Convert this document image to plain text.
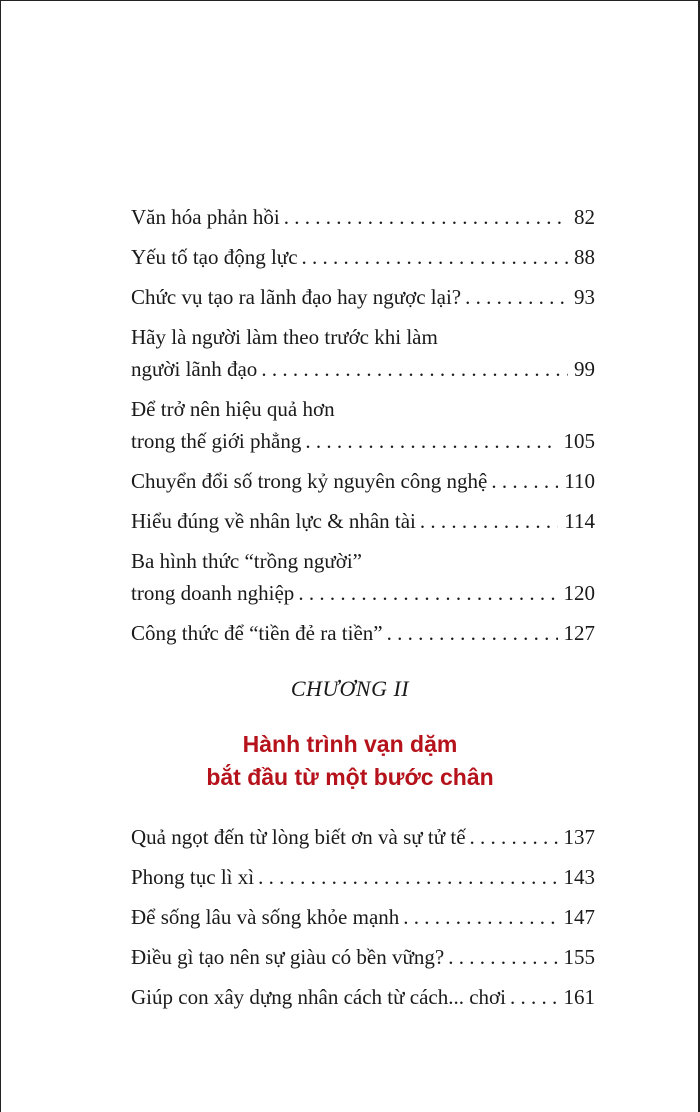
Văn hóa phản hồi . . .	82
Yếu tố tạo động lực . . .	88
Chức vụ tạo ra lãnh đạo hay ngược lại? . . .	93
Hãy là người làm theo trước khi làm
người lãnh đạo . . .	99
Để trở nên hiệu quả hơn
trong thế giới phẳng . . .	105
Chuyển đổi số trong kỷ nguyên công nghệ . . .	110
Hiểu đúng về nhân lực & nhân tài . . .	114
Ba hình thức “trồng người”
trong doanh nghiệp . . .	120
Công thức để “tiền đẻ ra tiền” . . .	127
CHƯƠNG II
Hành trình vạn dặm
bắt đầu từ một bước chân
Quả ngọt đến từ lòng biết ơn và sự tử tế . . .	137
Phong tục lì xì . . .	143
Để sống lâu và sống khỏe mạnh . . .	147
Điều gì tạo nên sự giàu có bền vững? . . .	155
Giúp con xây dựng nhân cách từ cách... chơi . . .	161
